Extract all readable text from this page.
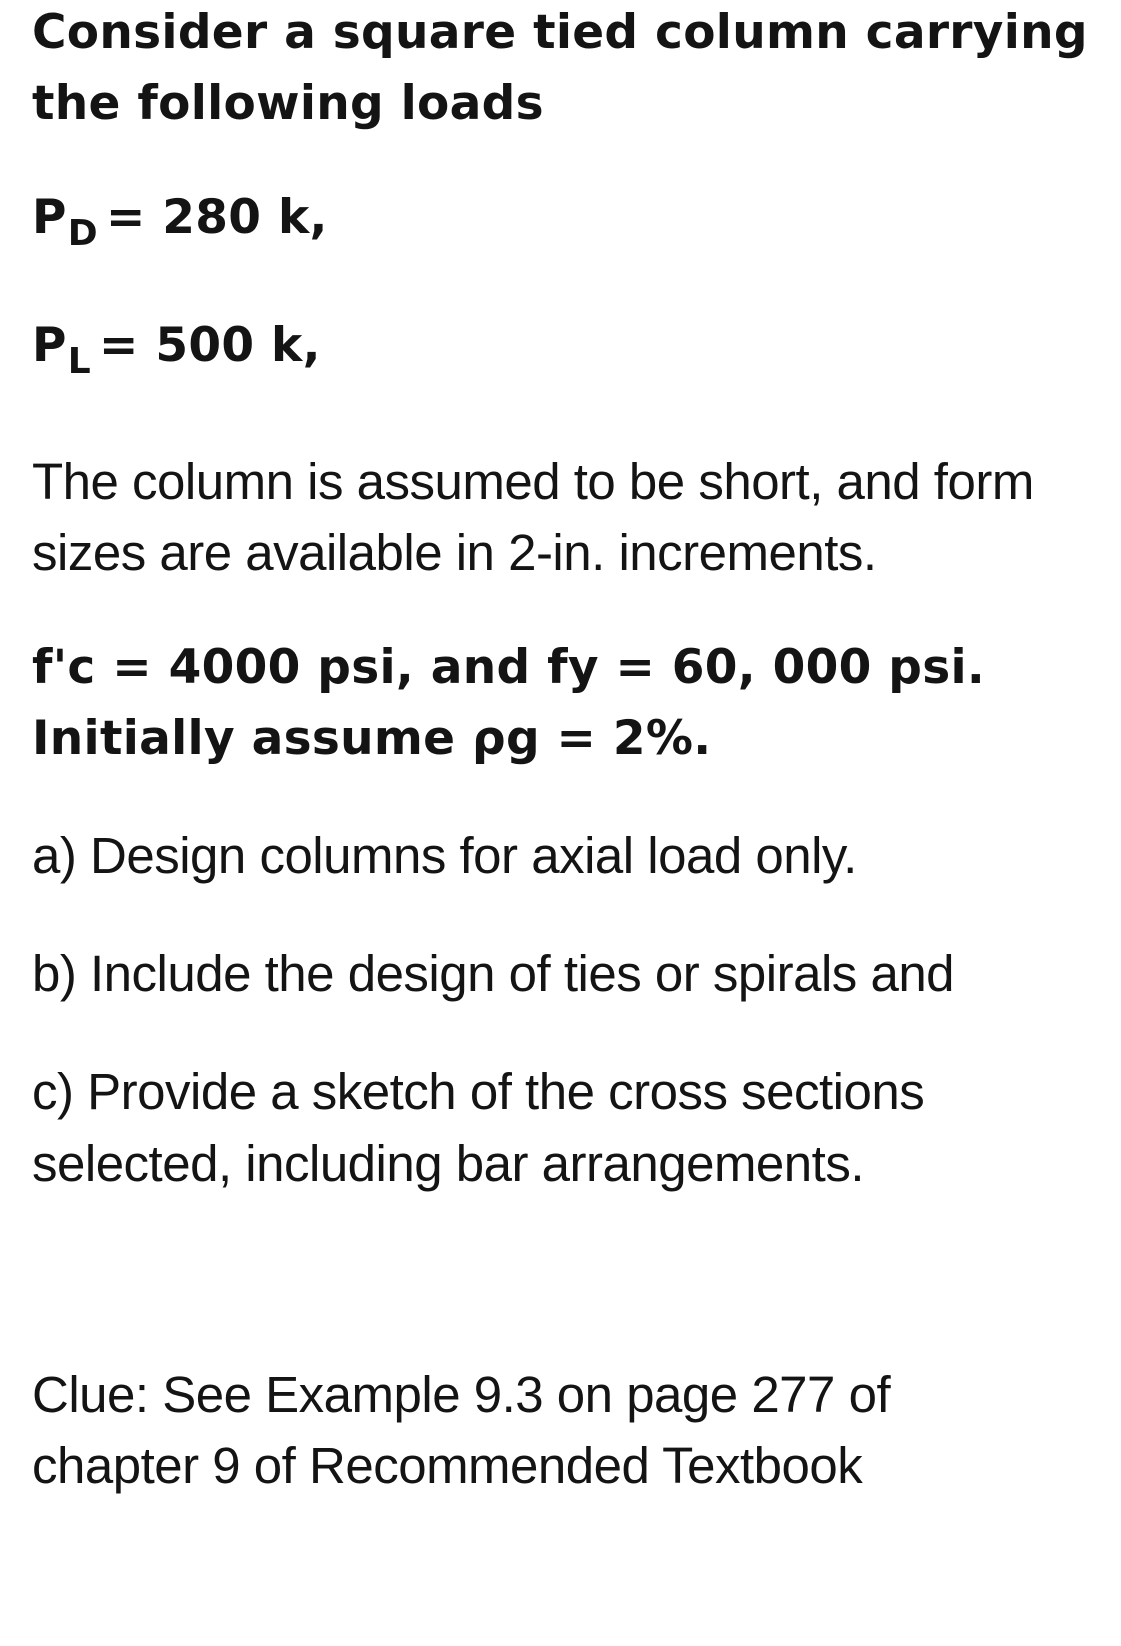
Consider a square tied column carrying
the following loads
$P_D = 280$ k,
$P_L = 500$ k,
The column is assumed to be short, and form
sizes are available in 2-in. increments.
f'c = 4000 psi, and fy = 60, 000 psi.
Initially assume ρg = 2%.
a) Design columns for axial load only.
b) Include the design of ties or spirals and
c) Provide a sketch of the cross sections
selected, including bar arrangements.
Clue: See Example 9.3 on page 277 of
chapter 9 of Recommended Textbook
